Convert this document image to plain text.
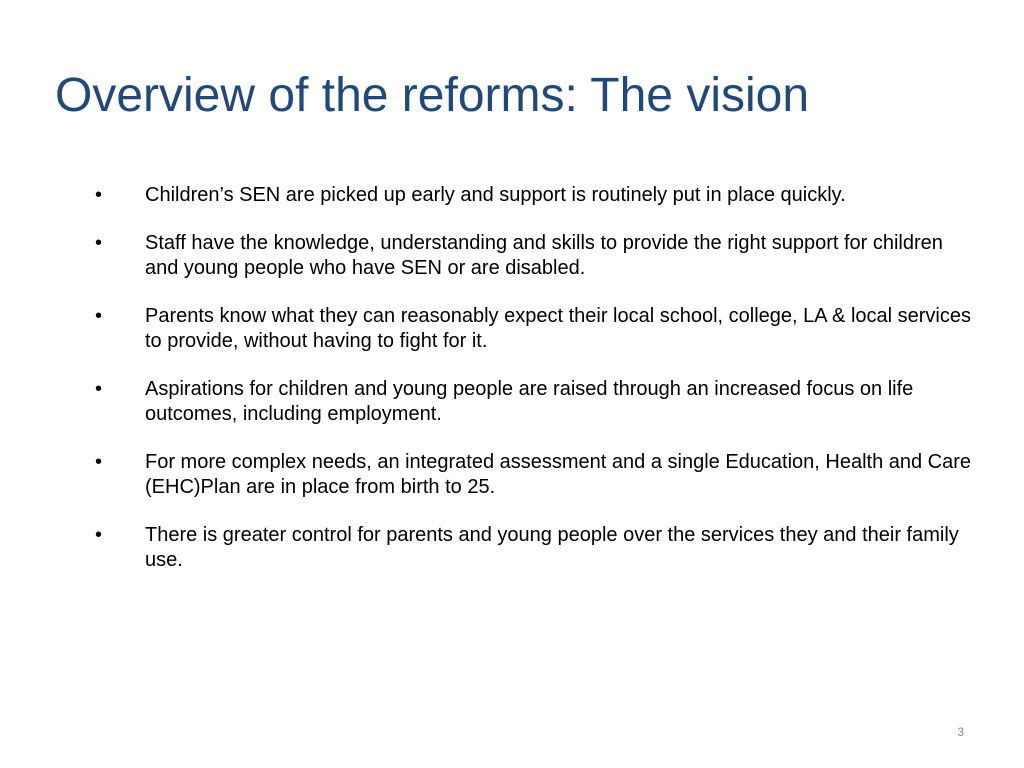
Overview of the reforms: The vision
•	Children’s SEN are picked up early and support is routinely put in place quickly.
•	Staff have the knowledge, understanding and skills to provide the right support for children and young people who have SEN or are disabled.
•	Parents know what they can reasonably expect their local school, college, LA & local services to provide, without having to fight for it.
•	Aspirations for children and young people are raised through an increased focus on life outcomes, including employment.
•	For more complex needs, an integrated assessment and a single Education, Health and Care (EHC)Plan are in place from birth to 25.
•	There is greater control for parents and young people over the services they and their family use.
3
